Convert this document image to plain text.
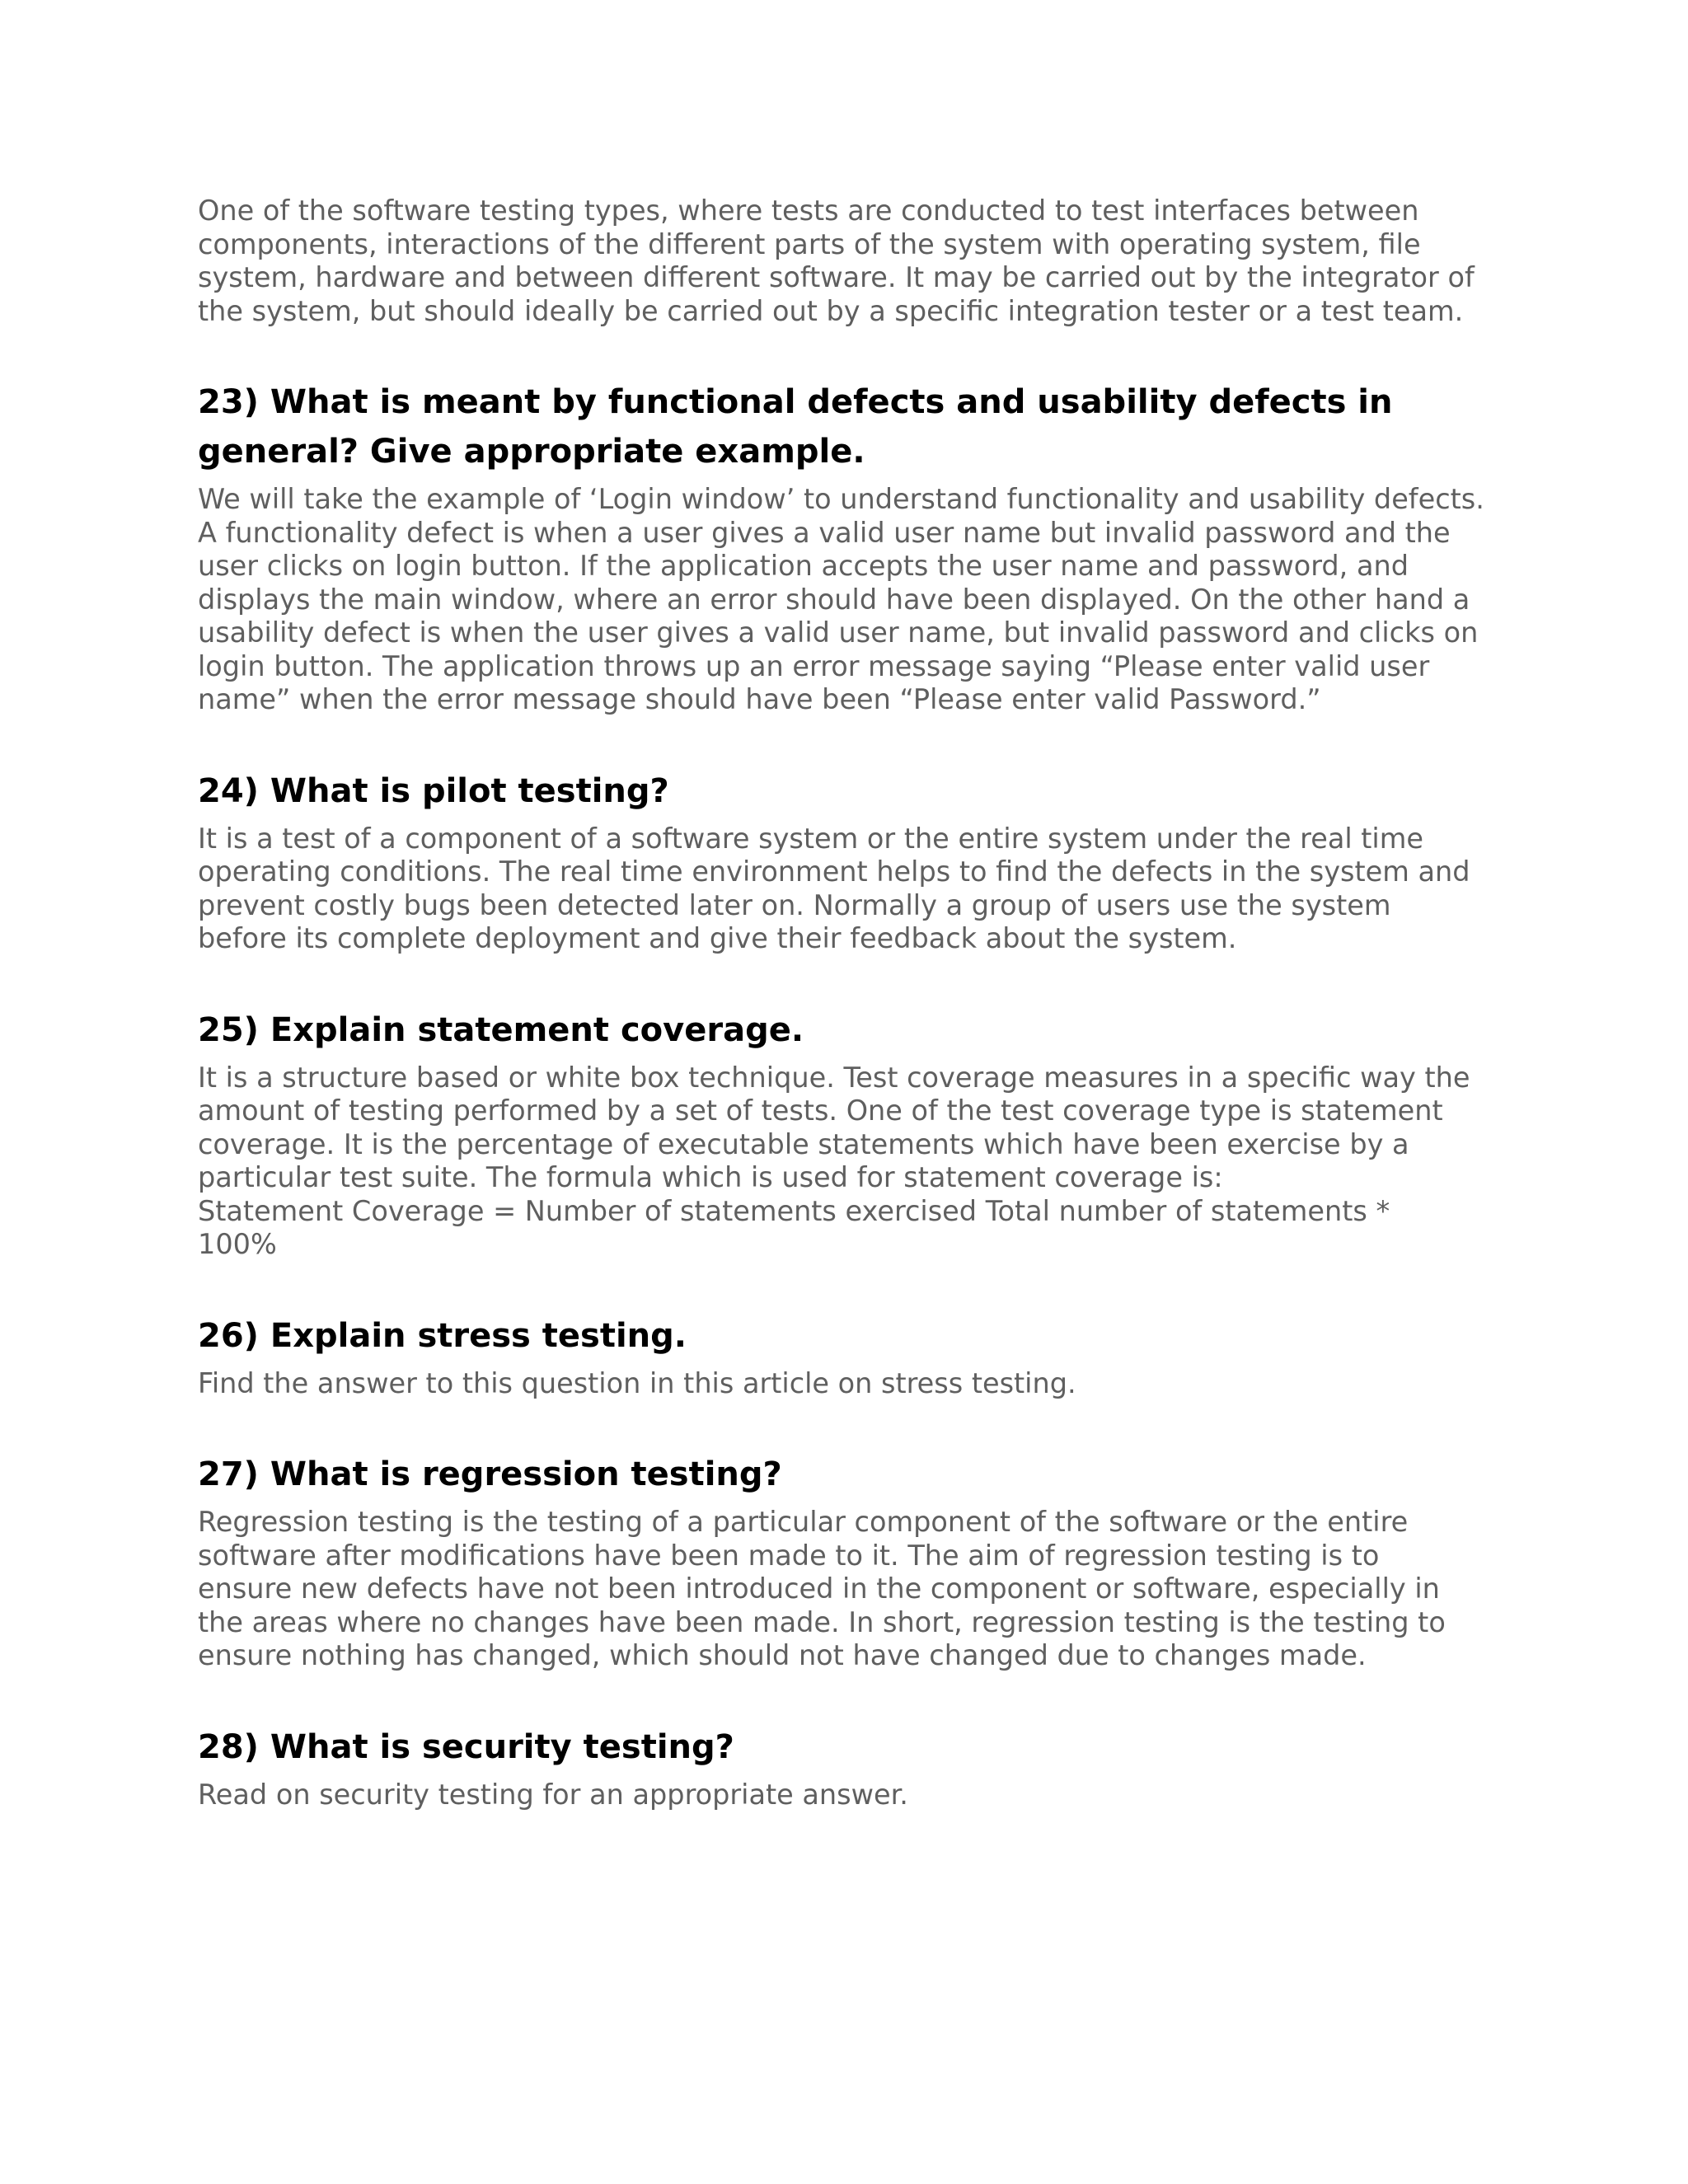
One of the software testing types, where tests are conducted to test interfaces between
components, interactions of the different parts of the system with operating system, file
system, hardware and between different software. It may be carried out by the integrator of
the system, but should ideally be carried out by a specific integration tester or a test team.

23) What is meant by functional defects and usability defects in
general? Give appropriate example.

We will take the example of ‘Login window’ to understand functionality and usability defects.
A functionality defect is when a user gives a valid user name but invalid password and the
user clicks on login button. If the application accepts the user name and password, and
displays the main window, where an error should have been displayed. On the other hand a
usability defect is when the user gives a valid user name, but invalid password and clicks on
login button. The application throws up an error message saying “Please enter valid user
name” when the error message should have been “Please enter valid Password.”

24) What is pilot testing?

It is a test of a component of a software system or the entire system under the real time
operating conditions. The real time environment helps to find the defects in the system and
prevent costly bugs been detected later on. Normally a group of users use the system
before its complete deployment and give their feedback about the system.

25) Explain statement coverage.

It is a structure based or white box technique. Test coverage measures in a specific way the
amount of testing performed by a set of tests. One of the test coverage type is statement
coverage. It is the percentage of executable statements which have been exercise by a
particular test suite. The formula which is used for statement coverage is:
Statement Coverage = Number of statements exercised Total number of statements *
100%

26) Explain stress testing.

Find the answer to this question in this article on stress testing.

27) What is regression testing?

Regression testing is the testing of a particular component of the software or the entire
software after modifications have been made to it. The aim of regression testing is to
ensure new defects have not been introduced in the component or software, especially in
the areas where no changes have been made. In short, regression testing is the testing to
ensure nothing has changed, which should not have changed due to changes made.

28) What is security testing?

Read on security testing for an appropriate answer.
